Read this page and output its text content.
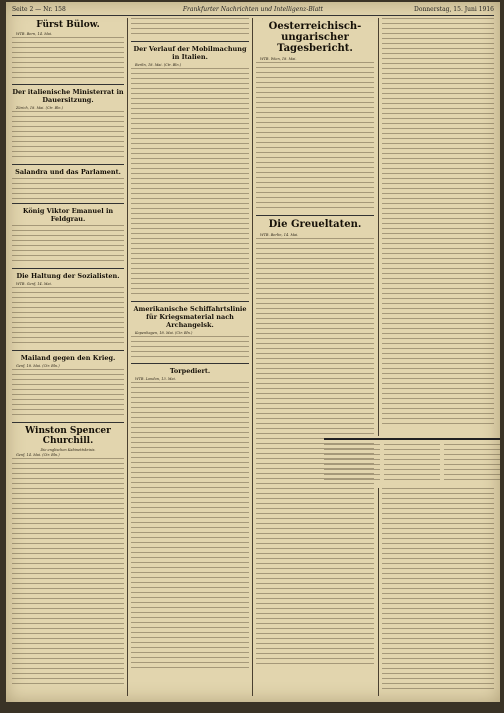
Seite 2 — Nr. 158	Frankfurter Nachrichten und Intelligenz-Blatt	Donnerstag, 15. Juni 1916
Fürst Bülow.

WTB. Bern, 14. Mai.

Der italienische Ministerrat in Dauersitzung.

Zürich, 18. Mai. (Ctr. Bln.)

Salandra und das Parlament.
König Viktor Emanuel in Feldgrau.
Die Haltung der Sozialisten.

WTB. Genf, 14. Mai.

Mailand gegen den Krieg.

Genf, 18. Mai. (Ctr. Bln.)

Winston Spencer Churchill.

Die englischen Kabinettskrisis.

Genf, 14. Mai. (Ctr. Bln.)

Der Verlauf der Mobilmachung in Italien.

Berlin, 18. Mai. (Ctr. Bln.)

Amerikanische Schiffahrtslinie für Kriegsmaterial nach Archangelsk.

Kopenhagen, 18. Mai. (Ctr. Bln.)

Torpediert.

WTB. London, 13. Mai.

Oesterreichisch-ungarischer Tagesbericht.

WTB. Wien, 18. Mai.

Die Greueltaten.

WTB. Berlin, 14. Mai.
